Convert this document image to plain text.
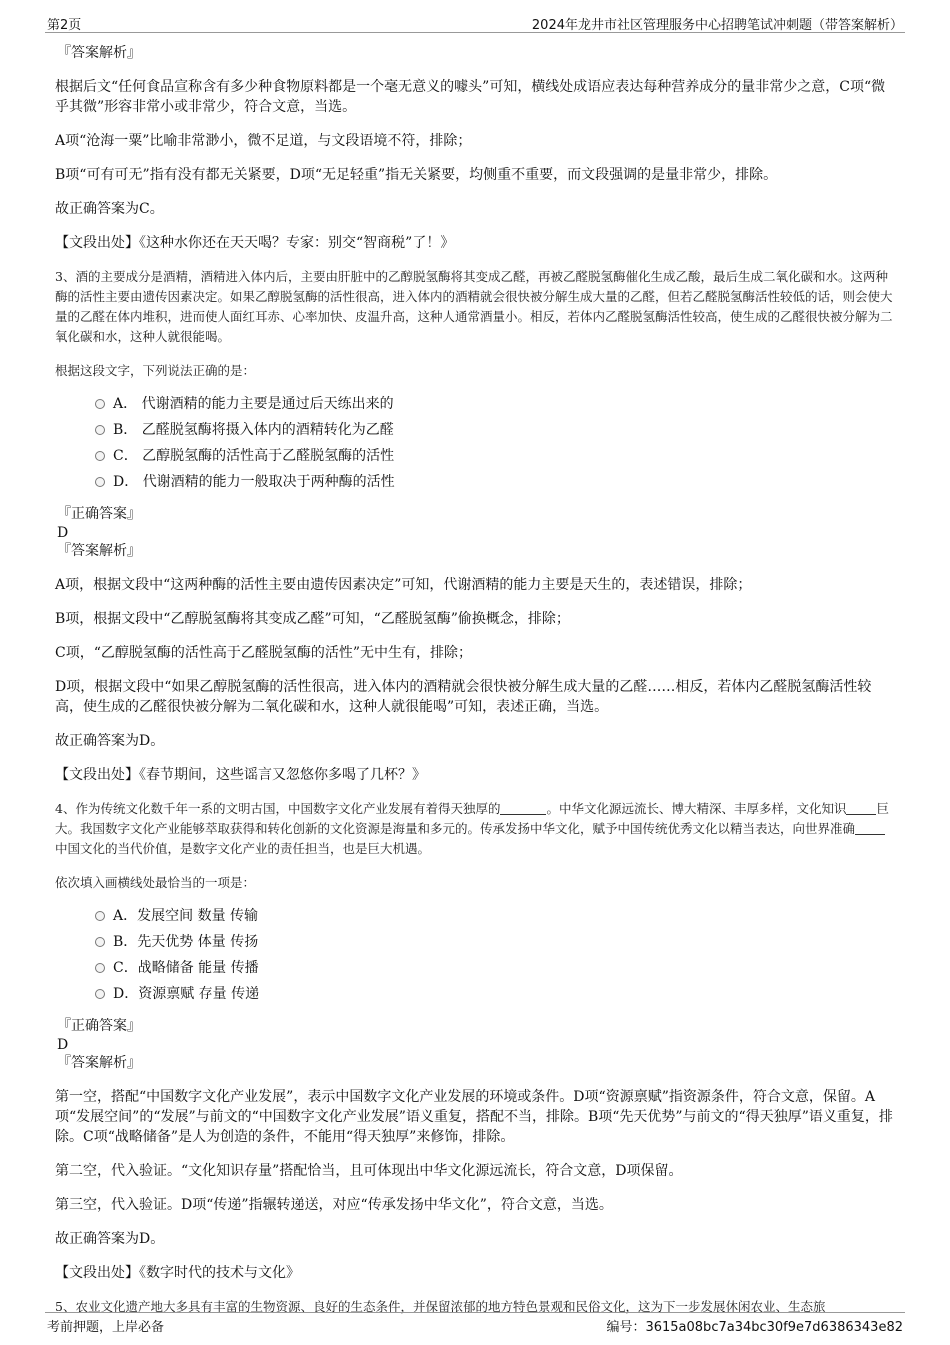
第2页	2024年龙井市社区管理服务中心招聘笔试冲刺题（带答案解析）

『答案解析』

根据后文“任何食品宣称含有多少种食物原料都是一个毫无意义的噱头”可知，横线处成语应表达每种营养成分的量非常少之意，C项“微乎其微”形容非常小或非常少，符合文意，当选。

A项“沧海一粟”比喻非常渺小，微不足道，与文段语境不符，排除；

B项“可有可无”指有没有都无关紧要，D项“无足轻重”指无关紧要，均侧重不重要，而文段强调的是量非常少，排除。

故正确答案为C。

【文段出处】《这种水你还在天天喝？专家：别交“智商税”了！》

3、酒的主要成分是酒精，酒精进入体内后，主要由肝脏中的乙醇脱氢酶将其变成乙醛，再被乙醛脱氢酶催化生成乙酸，最后生成二氧化碳和水。这两种酶的活性主要由遗传因素决定。如果乙醇脱氢酶的活性很高，进入体内的酒精就会很快被分解生成大量的乙醛，但若乙醛脱氢酶活性较低的话，则会使大量的乙醛在体内堆积，进而使人面红耳赤、心率加快、皮温升高，这种人通常酒量小。相反，若体内乙醛脱氢酶活性较高，使生成的乙醛很快被分解为二氧化碳和水，这种人就很能喝。

根据这段文字，下列说法正确的是：

A． 代谢酒精的能力主要是通过后天练出来的
B． 乙醛脱氢酶将摄入体内的酒精转化为乙醛
C． 乙醇脱氢酶的活性高于乙醛脱氢酶的活性
D． 代谢酒精的能力一般取决于两种酶的活性

『正确答案』

D

『答案解析』

A项，根据文段中“这两种酶的活性主要由遗传因素决定”可知，代谢酒精的能力主要是天生的，表述错误，排除；

B项，根据文段中“乙醇脱氢酶将其变成乙醛”可知，“乙醛脱氢酶”偷换概念，排除；

C项，“乙醇脱氢酶的活性高于乙醛脱氢酶的活性”无中生有，排除；

D项，根据文段中“如果乙醇脱氢酶的活性很高，进入体内的酒精就会很快被分解生成大量的乙醛……相反，若体内乙醛脱氢酶活性较高，使生成的乙醛很快被分解为二氧化碳和水，这种人就很能喝”可知，表述正确，当选。

故正确答案为D。

【文段出处】《春节期间，这些谣言又忽悠你多喝了几杯？》

4、作为传统文化数千年一系的文明古国，中国数字文化产业发展有着得天独厚的	。中华文化源远流长、博大精深、丰厚多样，文化知识 巨大。我国数字文化产业能够萃取获得和转化创新的文化资源是海量和多元的。传承发扬中华文化，赋予中国传统优秀文化以精当表达，向世界准确中国文化的当代价值，是数字文化产业的责任担当，也是巨大机遇。

依次填入画横线处最恰当的一项是：

A．发展空间 数量 传输
B．先天优势 体量 传扬
C．战略储备 能量 传播
D．资源禀赋 存量 传递

『正确答案』

D

『答案解析』

第一空，搭配“中国数字文化产业发展”，表示中国数字文化产业发展的环境或条件。D项“资源禀赋”指资源条件，符合文意，保留。A项“发展空间”的“发展”与前文的“中国数字文化产业发展”语义重复，搭配不当，排除。B项“先天优势”与前文的“得天独厚”语义重复，排除。C项“战略储备”是人为创造的条件，不能用“得天独厚”来修饰，排除。

第二空，代入验证。“文化知识存量”搭配恰当，且可体现出中华文化源远流长，符合文意，D项保留。

第三空，代入验证。D项“传递”指辗转递送，对应“传承发扬中华文化”，符合文意，当选。

故正确答案为D。

【文段出处】《数字时代的技术与文化》

5、农业文化遗产地大多具有丰富的生物资源、良好的生态条件，并保留浓郁的地方特色景观和民俗文化，这为下一步发展休闲农业、生态旅

考前押题，上岸必备	编号：3615a08bc7a34bc30f9e7d6386343e82
